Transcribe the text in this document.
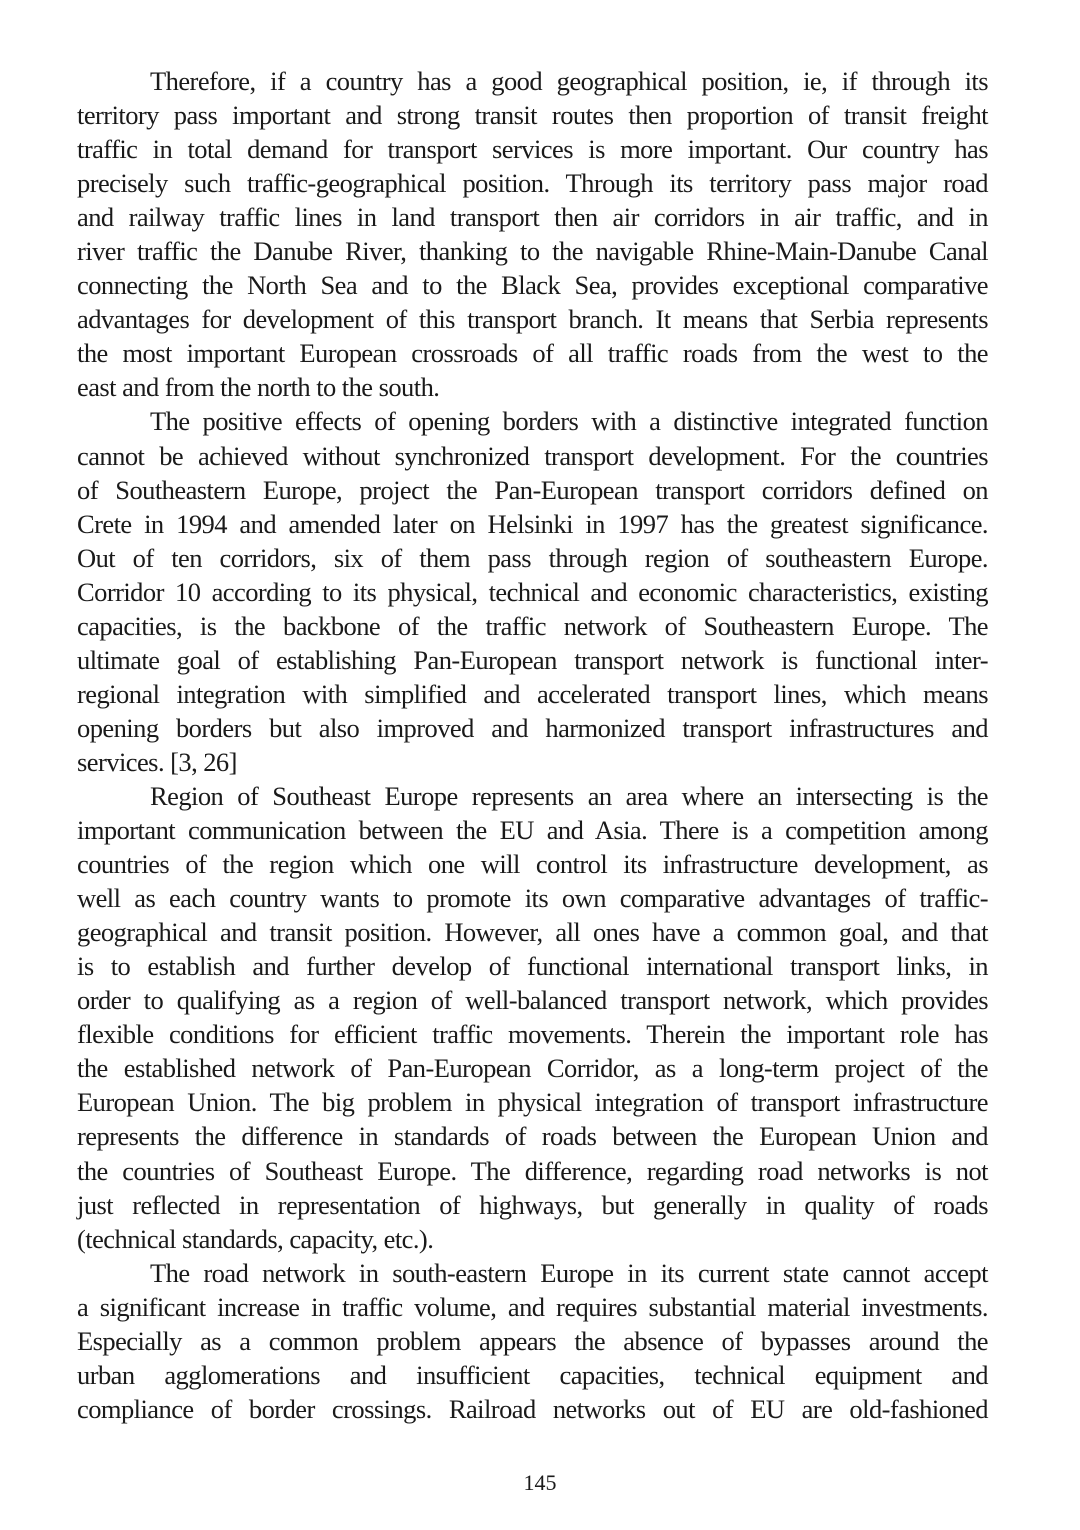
Therefore, if a country has a good geographical position, ie, if through its
territory pass important and strong transit routes then proportion of transit freight
traffic in total demand for transport services is more important. Our country has
precisely such traffic-geographical position. Through its territory pass major road
and railway traffic lines in land transport then air corridors in air traffic, and in
river traffic the Danube River, thanking to the navigable Rhine-Main-Danube Canal
connecting the North Sea and to the Black Sea, provides exceptional comparative
advantages for development of this transport branch. It means that Serbia represents
the most important European crossroads of all traffic roads from the west to the
east and from the north to the south.

The positive effects of opening borders with a distinctive integrated function
cannot be achieved without synchronized transport development. For the countries
of Southeastern Europe, project the Pan-European transport corridors defined on
Crete in 1994 and amended later on Helsinki in 1997 has the greatest significance.
Out of ten corridors, six of them pass through region of southeastern Europe.
Corridor 10 according to its physical, technical and economic characteristics, existing
capacities, is the backbone of the traffic network of Southeastern Europe. The
ultimate goal of establishing Pan-European transport network is functional inter-
regional integration with simplified and accelerated transport lines, which means
opening borders but also improved and harmonized transport infrastructures and
services. [3, 26]

Region of Southeast Europe represents an area where an intersecting is the
important communication between the EU and Asia. There is a competition among
countries of the region which one will control its infrastructure development, as
well as each country wants to promote its own comparative advantages of traffic-
geographical and transit position. However, all ones have a common goal, and that
is to establish and further develop of functional international transport links, in
order to qualifying as a region of well-balanced transport network, which provides
flexible conditions for efficient traffic movements. Therein the important role has
the established network of Pan-European Corridor, as a long-term project of the
European Union. The big problem in physical integration of transport infrastructure
represents the difference in standards of roads between the European Union and
the countries of Southeast Europe. The difference, regarding road networks is not
just reflected in representation of highways, but generally in quality of roads
(technical standards, capacity, etc.).

The road network in south-eastern Europe in its current state cannot accept
a significant increase in traffic volume, and requires substantial material investments.
Especially as a common problem appears the absence of bypasses around the
urban agglomerations and insufficient capacities, technical equipment and
compliance of border crossings. Railroad networks out of EU are old-fashioned

145
